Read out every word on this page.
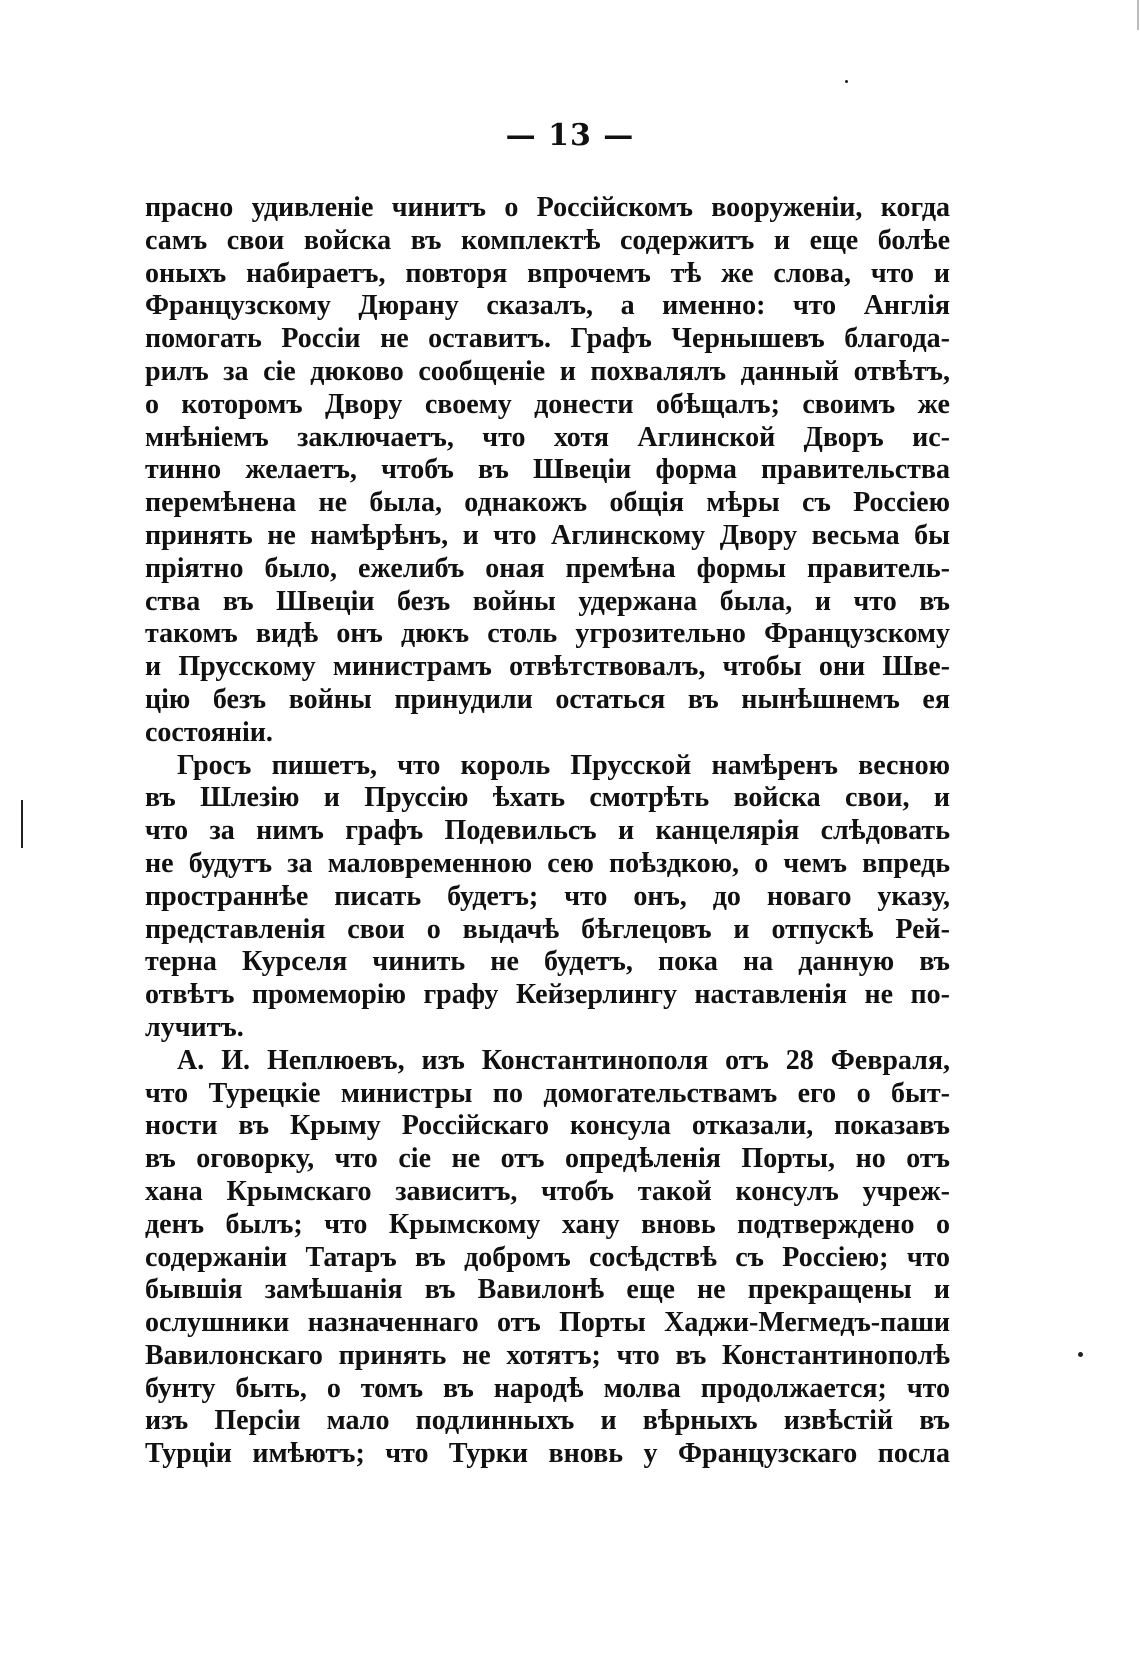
— 13 —
прасно удивленіе чинитъ о Россійскомъ вооруженіи, когда
самъ свои войска въ комплектѣ содержитъ и еще болѣе
оныхъ набираетъ, повторя впрочемъ тѣ же слова, что и
Французскому Дюрану сказалъ, а именно: что Англія
помогать Россіи не оставитъ. Графъ Чернышевъ благода-
рилъ за сіе дюково сообщеніе и похвалялъ данный отвѣтъ,
о которомъ Двору своему донести обѣщалъ; своимъ же
мнѣніемъ заключаетъ, что хотя Аглинской Дворъ ис-
тинно желаетъ, чтобъ въ Швеціи форма правительства
перемѣнена не была, однакожъ общія мѣры съ Россіею
принять не намѣрѣнъ, и что Аглинскому Двору весьма бы
пріятно было, ежелибъ оная премѣна формы правитель-
ства въ Швеціи безъ войны удержана была, и что въ
такомъ видѣ онъ дюкъ столь угрозительно Французскому
и Прусскому министрамъ отвѣтствовалъ, чтобы они Шве-
цію безъ войны принудили остаться въ нынѣшнемъ ея
состояніи.
Гросъ пишетъ, что король Прусской намѣренъ весною
въ Шлезію и Пруссію ѣхать смотрѣть войска свои, и
что за нимъ графъ Подевильсъ и канцелярія слѣдовать
не будутъ за маловременною сею поѣздкою, о чемъ впредь
пространнѣе писать будетъ; что онъ, до новаго указу,
представленія свои о выдачѣ бѣглецовъ и отпускѣ Рей-
терна Курселя чинить не будетъ, пока на данную въ
отвѣтъ промеморію графу Кейзерлингу наставленія не по-
лучитъ.
А. И. Неплюевъ, изъ Константинополя отъ 28 Февраля,
что Турецкіе министры по домогательствамъ его о быт-
ности въ Крыму Россійскаго консула отказали, показавъ
въ оговорку, что сіе не отъ опредѣленія Порты, но отъ
хана Крымскаго зависитъ, чтобъ такой консулъ учреж-
денъ былъ; что Крымскому хану вновь подтверждено о
содержаніи Татаръ въ добромъ сосѣдствѣ съ Россіею; что
бывшія замѣшанія въ Вавилонѣ еще не прекращены и
ослушники назначеннаго отъ Порты Хаджи-Мегмедъ-паши
Вавилонскаго принять не хотятъ; что въ Константинополѣ
бунту быть, о томъ въ народѣ молва продолжается; что
изъ Персіи мало подлинныхъ и вѣрныхъ извѣстій въ
Турціи имѣютъ; что Турки вновь у Французскаго посла
